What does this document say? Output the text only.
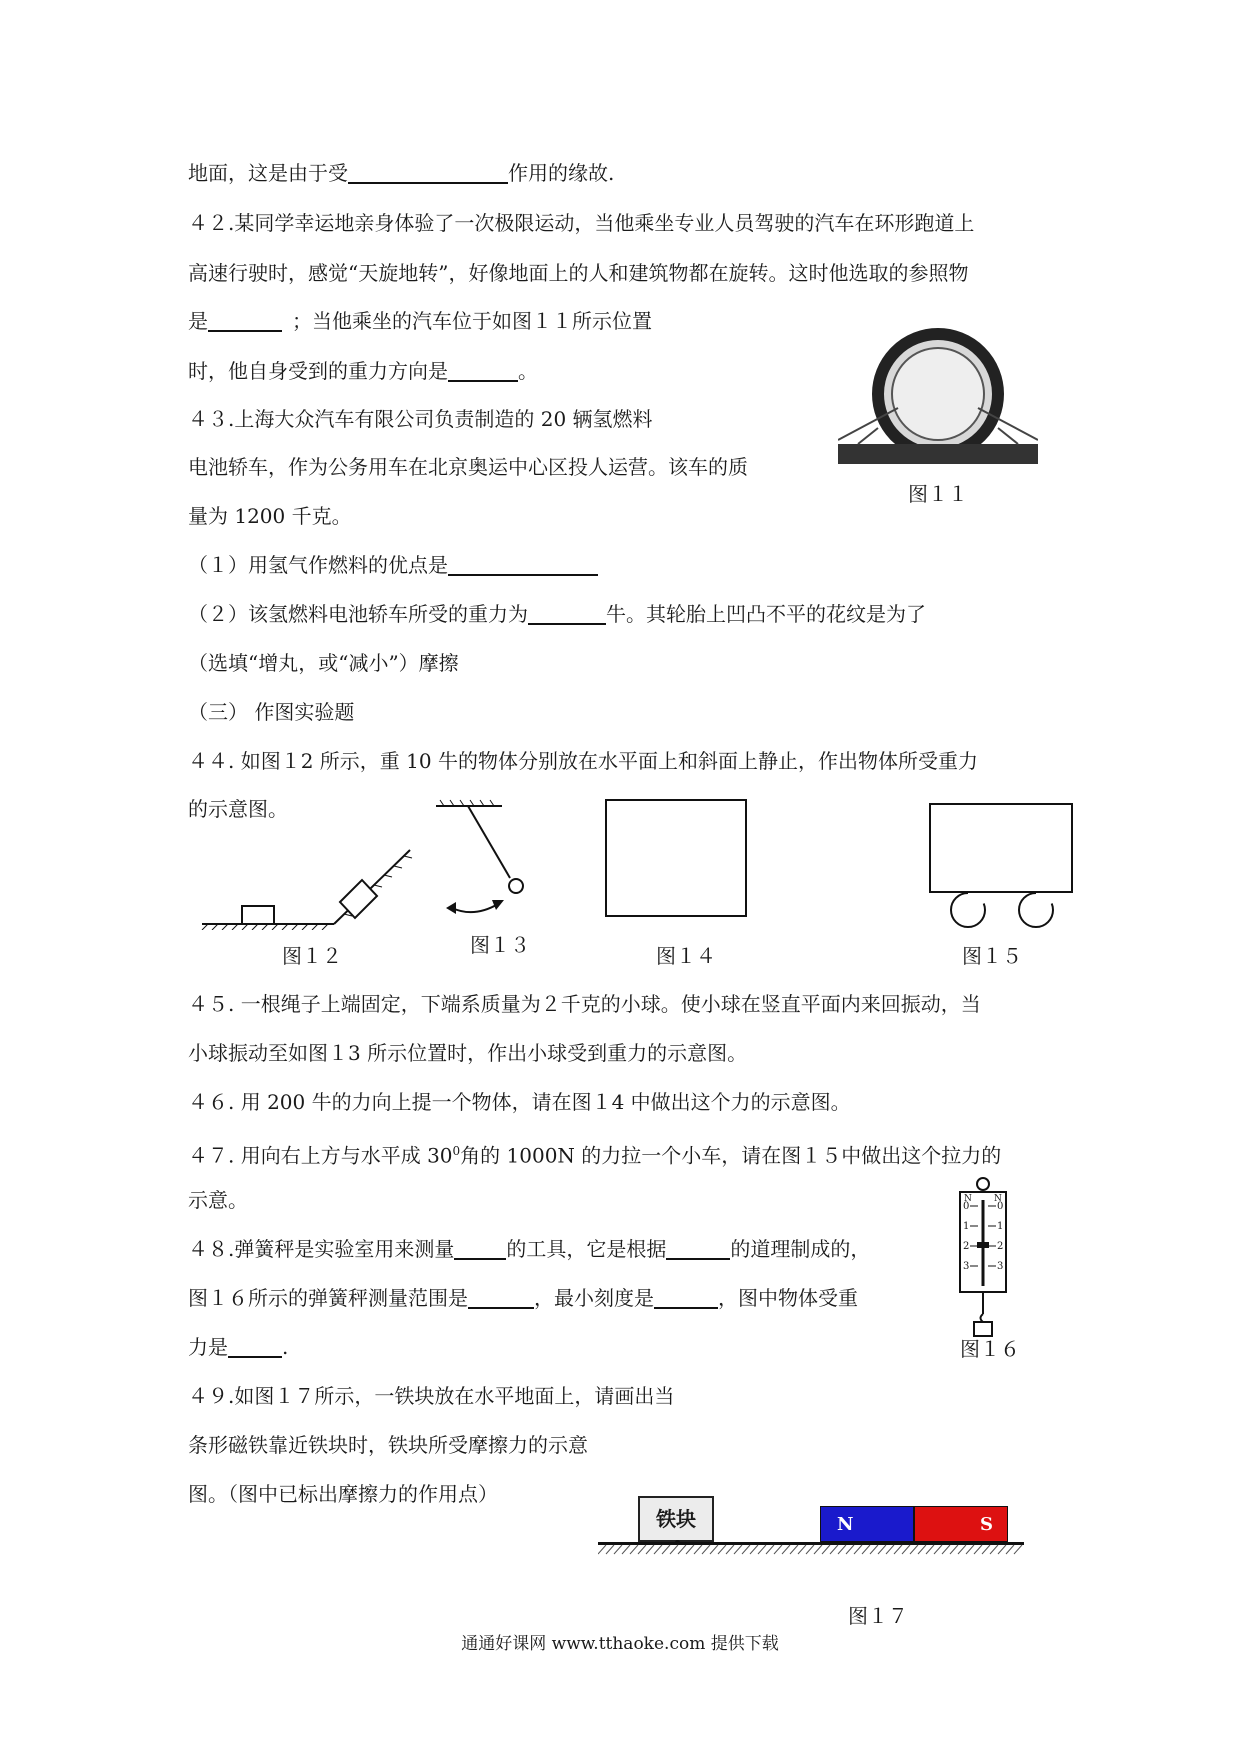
地面，这是由于受	作用的缘故.
４２.某同学幸运地亲身体验了一次极限运动，当他乘坐专业人员驾驶的汽车在环形跑道上
高速行驶时，感觉“天旋地转”，好像地面上的人和建筑物都在旋转。这时他选取的参照物
是	；当他乘坐的汽车位于如图１１所示位置
时，他自身受到的重力方向是	。
４３.上海大众汽车有限公司负责制造的 20 辆氢燃料
电池轿车，作为公务用车在北京奥运中心区投人运营。该车的质
量为 1200 千克。
（１）用氢气作燃料的优点是
（２）该氢燃料电池轿车所受的重力为	牛。其轮胎上凹凸不平的花纹是为了
（选填“增丸，或“减小”）摩擦
（三） 作图实验题
４４. 如图１2 所示，重 10 牛的物体分别放在水平面上和斜面上静止，作出物体所受重力
的示意图。
４５. 一根绳子上端固定，下端系质量为２千克的小球。使小球在竖直平面内来回振动，当
小球振动至如图１3 所示位置时，作出小球受到重力的示意图。
４６. 用 200 牛的力向上提一个物体，请在图１4 中做出这个力的示意图。
４７. 用向右上方与水平成 $30^0$角的 1000N 的力拉一个小车，请在图１５中做出这个拉力的
示意。
４８.弹簧秤是实验室用来测量	的工具，它是根据	的道理制成的，
图１６所示的弹簧秤测量范围是	，最小刻度是	，图中物体受重
力是	.
４９.如图１７所示，一铁块放在水平地面上，请画出当
条形磁铁靠近铁块时，铁块所受摩擦力的示意
图。（图中已标出摩擦力的作用点）
图１１
图１２	图１３	图１４	图１５
N N
0
1
2
3
0
1
2
3
图１６
铁块	N	S
图１７
通通好课网 www.tthaoke.com 提供下载
